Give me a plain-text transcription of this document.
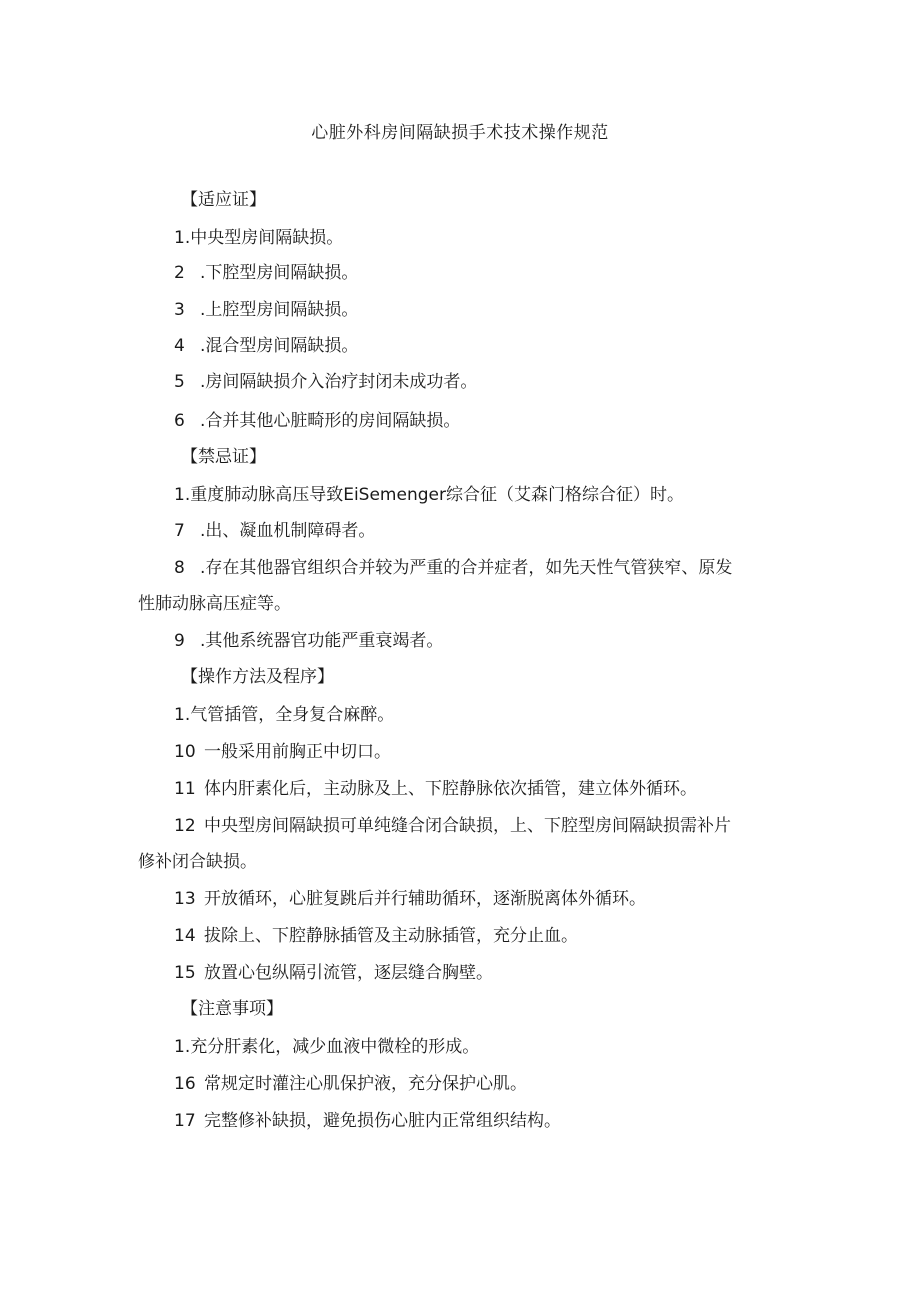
心脏外科房间隔缺损手术技术操作规范
【适应证】
1.中央型房间隔缺损。
2 .下腔型房间隔缺损。
3 .上腔型房间隔缺损。
4 .混合型房间隔缺损。
5 .房间隔缺损介入治疗封闭未成功者。
6 .合并其他心脏畸形的房间隔缺损。
【禁忌证】
1.重度肺动脉高压导致EiSemenger综合征（艾森门格综合征）时。
7 .出、凝血机制障碍者。
8 .存在其他器官组织合并较为严重的合并症者，如先天性气管狭窄、原发
性肺动脉高压症等。
9 .其他系统器官功能严重衰竭者。
【操作方法及程序】
1.气管插管，全身复合麻醉。
10 一般采用前胸正中切口。
11 体内肝素化后，主动脉及上、下腔静脉依次插管，建立体外循环。
12 中央型房间隔缺损可单纯缝合闭合缺损，上、下腔型房间隔缺损需补片
修补闭合缺损。
13 开放循环，心脏复跳后并行辅助循环，逐渐脱离体外循环。
14 拔除上、下腔静脉插管及主动脉插管，充分止血。
15 放置心包纵隔引流管，逐层缝合胸壁。
【注意事项】
1.充分肝素化，减少血液中微栓的形成。
16 常规定时灌注心肌保护液，充分保护心肌。
17 完整修补缺损，避免损伤心脏内正常组织结构。
